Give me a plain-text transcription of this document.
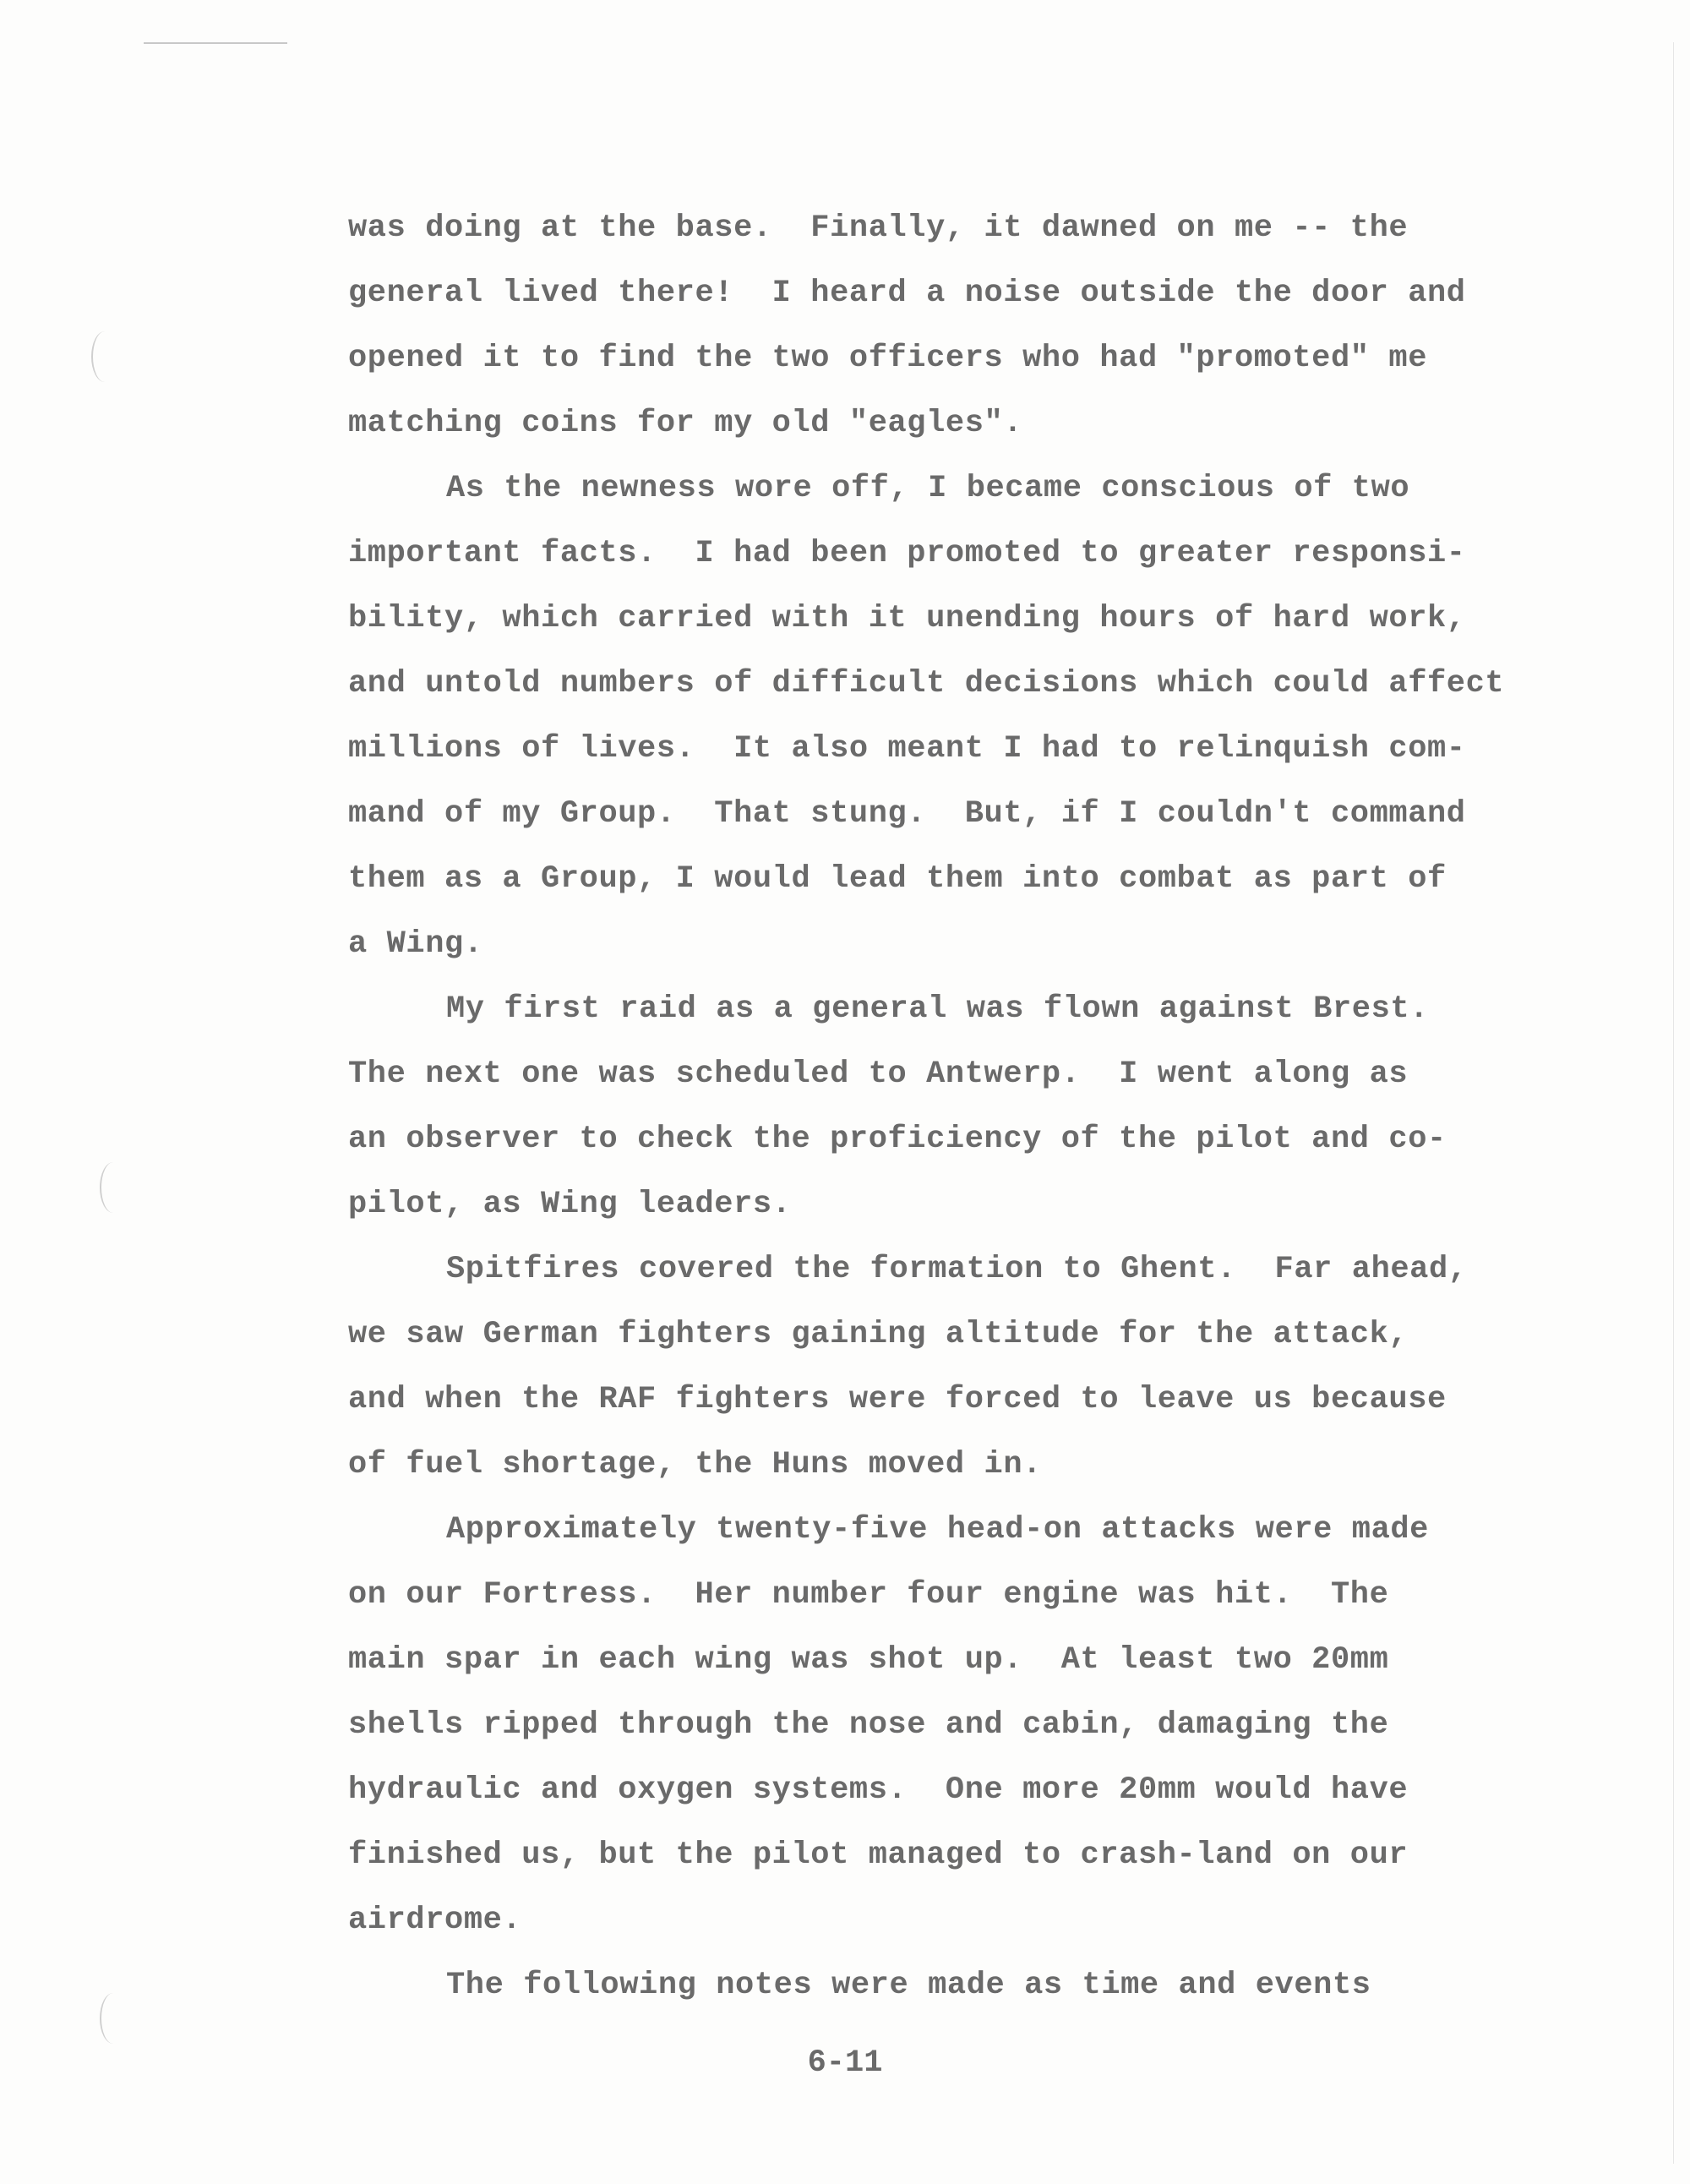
was doing at the base.  Finally, it dawned on me -- the
general lived there!  I heard a noise outside the door and
opened it to find the two officers who had "promoted" me
matching coins for my old "eagles".
As the newness wore off, I became conscious of two
important facts.  I had been promoted to greater responsi-
bility, which carried with it unending hours of hard work,
and untold numbers of difficult decisions which could affect
millions of lives.  It also meant I had to relinquish com-
mand of my Group.  That stung.  But, if I couldn't command
them as a Group, I would lead them into combat as part of
a Wing.
My first raid as a general was flown against Brest.
The next one was scheduled to Antwerp.  I went along as
an observer to check the proficiency of the pilot and co-
pilot, as Wing leaders.
Spitfires covered the formation to Ghent.  Far ahead,
we saw German fighters gaining altitude for the attack,
and when the RAF fighters were forced to leave us because
of fuel shortage, the Huns moved in.
Approximately twenty-five head-on attacks were made
on our Fortress.  Her number four engine was hit.  The
main spar in each wing was shot up.  At least two 20mm
shells ripped through the nose and cabin, damaging the
hydraulic and oxygen systems.  One more 20mm would have
finished us, but the pilot managed to crash-land on our
airdrome.
The following notes were made as time and events
6-11
